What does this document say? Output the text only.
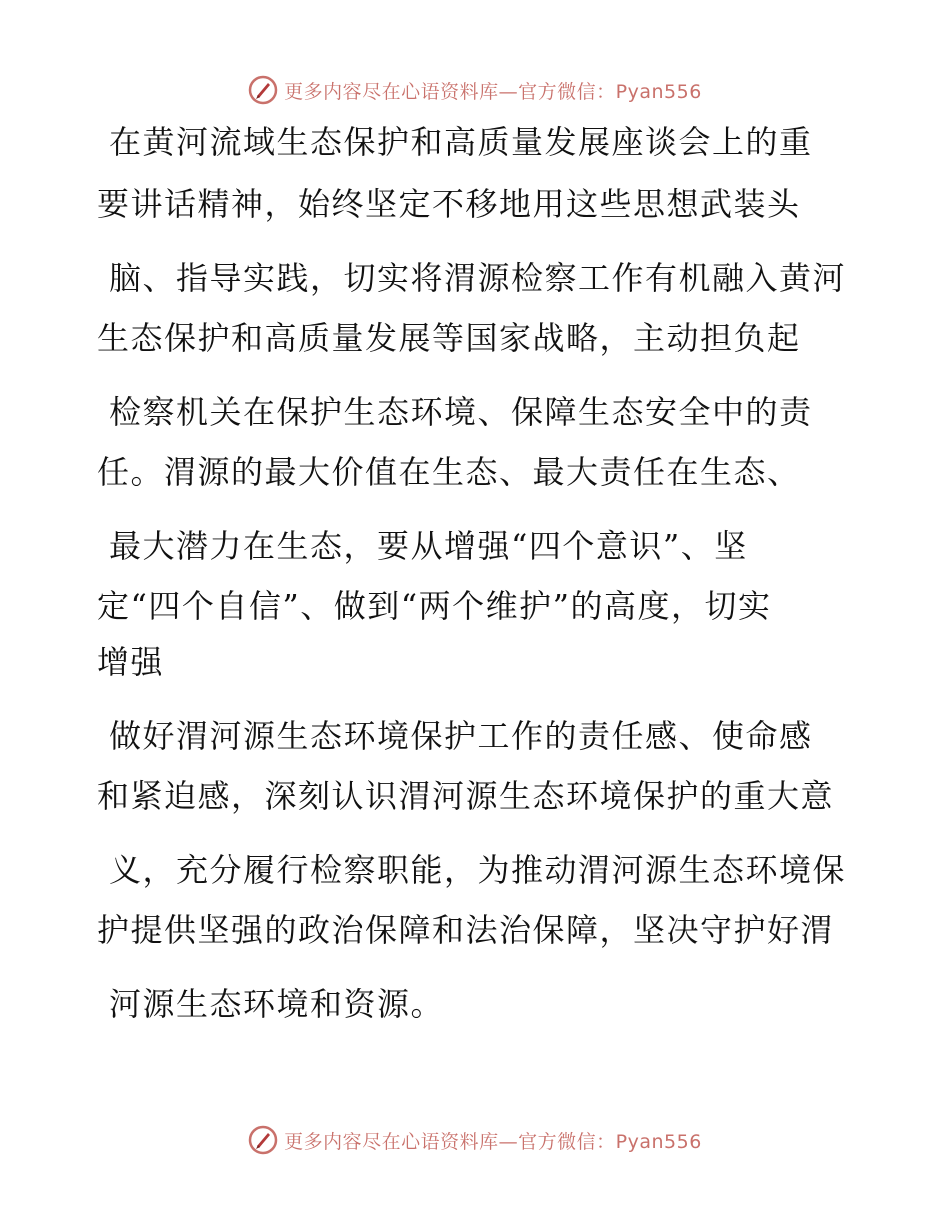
更多内容尽在心语资料库—官方微信：Pyan556
在黄河流域生态保护和高质量发展座谈会上的重
要讲话精神，始终坚定不移地用这些思想武装头
脑、指导实践，切实将渭源检察工作有机融入黄河
生态保护和高质量发展等国家战略，主动担负起
检察机关在保护生态环境、保障生态安全中的责
任。渭源的最大价值在生态、最大责任在生态、
最大潜力在生态，要从增强“四个意识”、坚
定“四个自信”、做到“两个维护”的高度，切实
增强
做好渭河源生态环境保护工作的责任感、使命感
和紧迫感，深刻认识渭河源生态环境保护的重大意
义，充分履行检察职能，为推动渭河源生态环境保
护提供坚强的政治保障和法治保障，坚决守护好渭
河源生态环境和资源。
更多内容尽在心语资料库—官方微信：Pyan556
